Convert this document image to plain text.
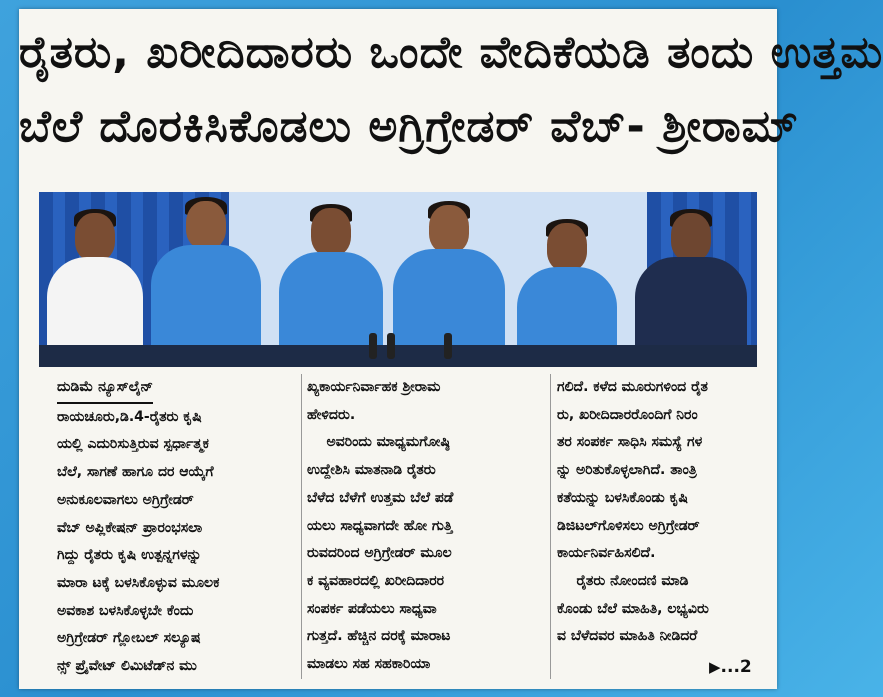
ರೈತರು, ಖರೀದಿದಾರರು ಒಂದೇ ವೇದಿಕೆಯಡಿ ತಂದು ಉತ್ತಮ
ಬೆಲೆ ದೊರಕಿಸಿಕೊಡಲು ಅಗ್ರಿಗ್ರೇಡರ್ ವೆಬ್- ಶ್ರೀರಾಮ್
ದುಡಿಮೆ ನ್ಯೂಸ್‌ಲೈನ್
ರಾಯಚೂರು,ಡಿ.4-ರೈತರು ಕೃಷಿ
ಯಲ್ಲಿ ಎದುರಿಸುತ್ತಿರುವ ಸ್ಪರ್ಧಾತ್ಮಕ
ಬೆಲೆ, ಸಾಗಣೆ ಹಾಗೂ ದರ ಆಯ್ಕೆಗೆ
ಅನುಕೂಲವಾಗಲು ಅಗ್ರಿಗ್ರೇಡರ್
ವೆಬ್ ಅಪ್ಲಿಕೇಷನ್ ಪ್ರಾರಂಭಸಲಾ
ಗಿದ್ದು ರೈತರು ಕೃಷಿ ಉತ್ಪನ್ನಗಳನ್ನು
ಮಾರಾ ಟಕ್ಕೆ ಬಳಸಿಕೊಳ್ಳುವ ಮೂಲಕ
ಅವಕಾಶ ಬಳಸಿಕೊಳ್ಳಬೇ ಕೆಂದು
ಅಗ್ರಿಗ್ರೇಡರ್ ಗ್ಲೋಬಲ್ ಸಲ್ಯೂಷ
ನ್ಸ್ ಪ್ರೈವೇಟ್ ಲಿಮಿಟೆಡ್‌ನ ಮು
ಖ್ಯಕಾರ್ಯನಿರ್ವಾಹಕ ಶ್ರೀರಾಮ
ಹೇಳಿದರು.
ಅವರಿಂದು ಮಾಧ್ಯಮಗೋಷ್ಠಿ
ಉದ್ದೇಶಿಸಿ ಮಾತನಾಡಿ ರೈತರು
ಬೆಳೆದ ಬೆಳೆಗೆ ಉತ್ತಮ ಬೆಲೆ ಪಡೆ
ಯಲು ಸಾಧ್ಯವಾಗದೇ ಹೋ ಗುತ್ತಿ
ರುವದರಿಂದ ಅಗ್ರಿಗ್ರೇಡರ್ ಮೂಲ
ಕ ವ್ಯವಹಾರದಲ್ಲಿ ಖರೀದಿದಾರರ
ಸಂಪರ್ಕ ಪಡೆಯಲು ಸಾಧ್ಯವಾ
ಗುತ್ತದೆ. ಹೆಚ್ಚಿನ ದರಕ್ಕೆ ಮಾರಾಟ
ಮಾಡಲು ಸಹ ಸಹಕಾರಿಯಾ
ಗಲಿದೆ. ಕಳೆದ ಮೂರುಗಳಿಂದ ರೈತ
ರು, ಖರೀದಿದಾರರೊಂದಿಗೆ ನಿರಂ
ತರ ಸಂಪರ್ಕ ಸಾಧಿಸಿ ಸಮಸ್ಯೆ ಗಳ
ನ್ನು ಅರಿತುಕೊಳ್ಳಲಾಗಿದೆ. ತಾಂತ್ರಿ
ಕತೆಯನ್ನು ಬಳಸಿಕೊಂಡು ಕೃಷಿ
ಡಿಜಿಟಲ್‌ಗೊಳಿಸಲು ಅಗ್ರಿಗ್ರೇಡರ್
ಕಾರ್ಯನಿರ್ವಹಿಸಲಿದೆ.
ರೈತರು ನೋಂದಣಿ ಮಾಡಿ
ಕೊಂಡು ಬೆಲೆ ಮಾಹಿತಿ, ಲಭ್ಯವಿರು
ವ ಬೆಳೆದವರ ಮಾಹಿತಿ ನೀಡಿದರೆ
▶...2
